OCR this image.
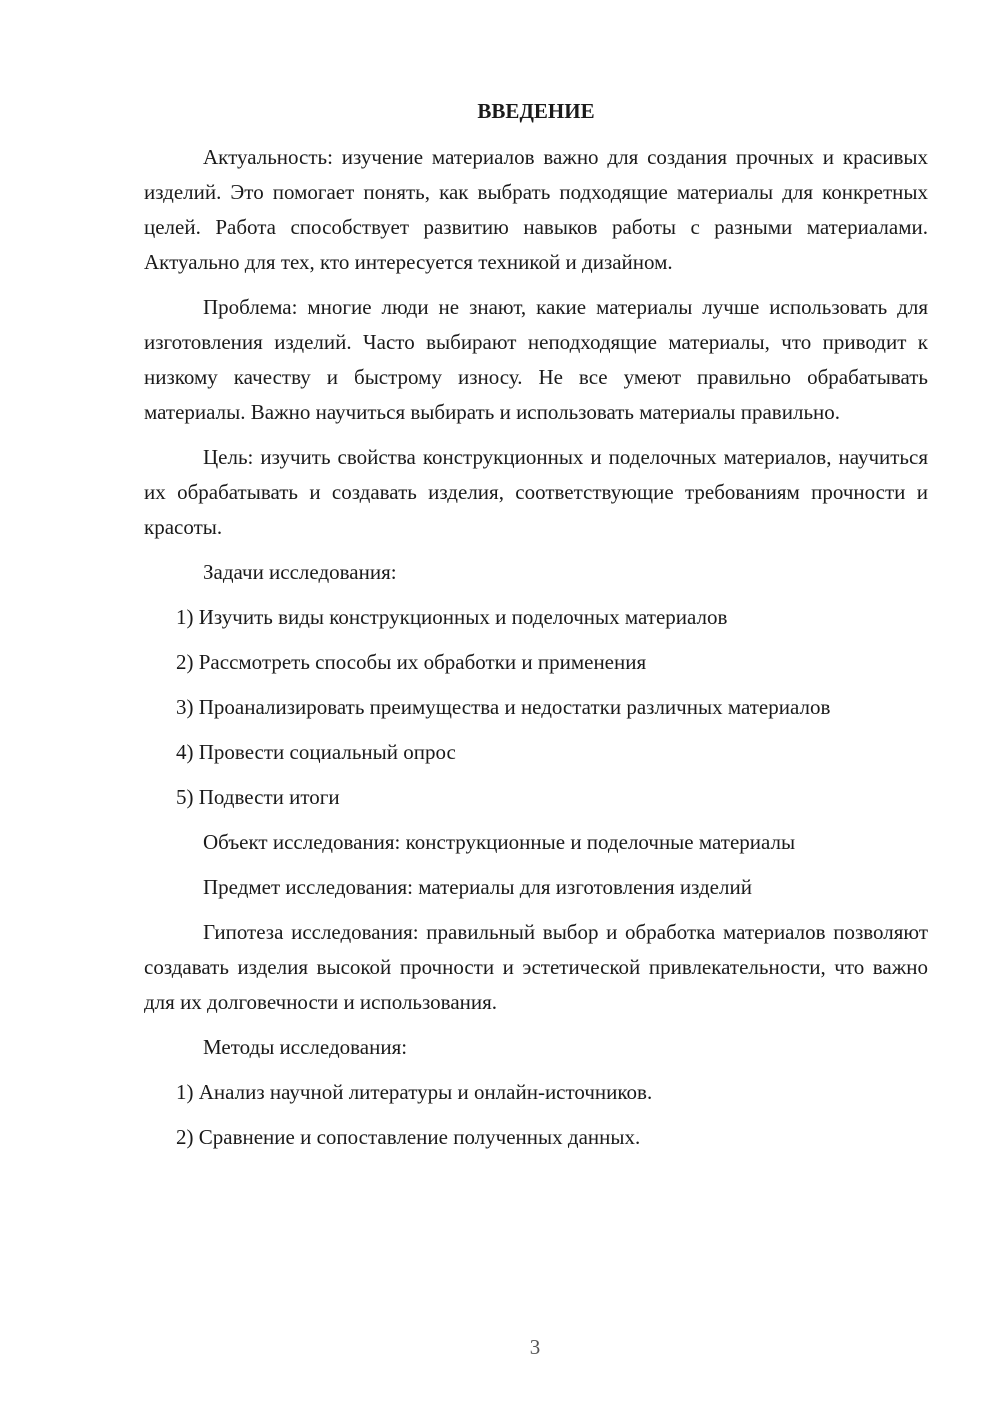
ВВЕДЕНИЕ

Актуальность: изучение материалов важно для создания прочных и красивых изделий. Это помогает понять, как выбрать подходящие материалы для конкретных целей. Работа способствует развитию навыков работы с разными материалами. Актуально для тех, кто интересуется техникой и дизайном.

Проблема: многие люди не знают, какие материалы лучше использовать для изготовления изделий. Часто выбирают неподходящие материалы, что приводит к низкому качеству и быстрому износу. Не все умеют правильно обрабатывать материалы. Важно научиться выбирать и использовать материалы правильно.

Цель: изучить свойства конструкционных и поделочных материалов, научиться их обрабатывать и создавать изделия, соответствующие требованиям прочности и красоты.

Задачи исследования:

1) Изучить виды конструкционных и поделочных материалов

2) Рассмотреть способы их обработки и применения

3) Проанализировать преимущества и недостатки различных материалов

4) Провести социальный опрос

5) Подвести итоги

Объект исследования: конструкционные и поделочные материалы

Предмет исследования: материалы для изготовления изделий

Гипотеза исследования: правильный выбор и обработка материалов позволяют создавать изделия высокой прочности и эстетической привлекательности, что важно для их долговечности и использования.

Методы исследования:

1) Анализ научной литературы и онлайн-источников.

2) Сравнение и сопоставление полученных данных.

3
